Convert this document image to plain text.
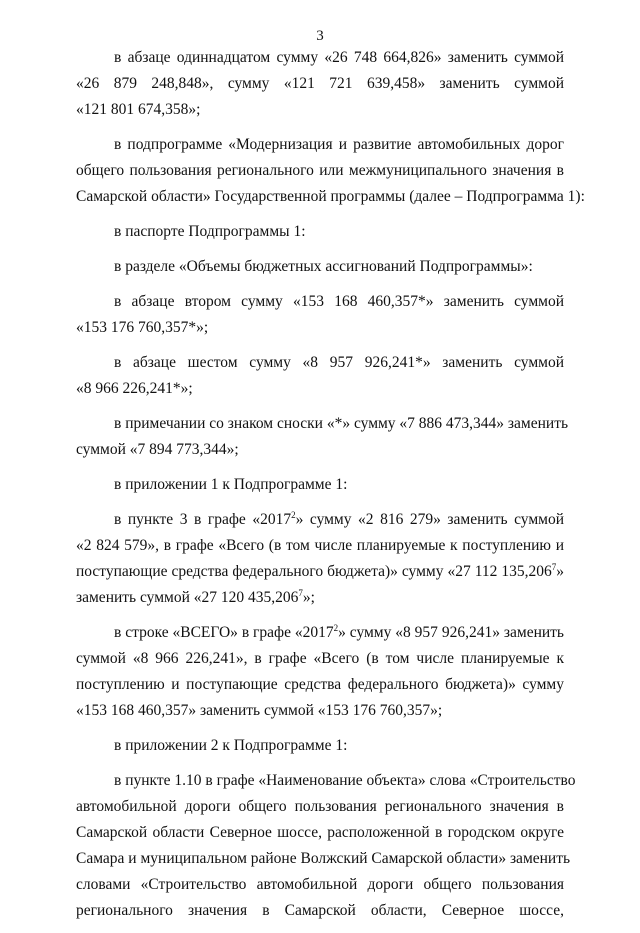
3
в абзаце одиннадцатом сумму «26 748 664,826» заменить суммой
«26 879 248,848», сумму «121 721 639,458» заменить суммой
«121 801 674,358»;
в подпрограмме «Модернизация и развитие автомобильных дорог
общего пользования регионального или межмуниципального значения в
Самарской области» Государственной программы (далее – Подпрограмма 1):
в паспорте Подпрограммы 1:
в разделе «Объемы бюджетных ассигнований Подпрограммы»:
в абзаце втором сумму «153 168 460,357*» заменить суммой
«153 176 760,357*»;
в абзаце шестом сумму «8 957 926,241*» заменить суммой
«8 966 226,241*»;
в примечании со знаком сноски «*» сумму «7 886 473,344» заменить
суммой «7 894 773,344»;
в приложении 1 к Подпрограмме 1:
в пункте 3 в графе «2017$^2$» сумму «2 816 279» заменить суммой
«2 824 579», в графе «Всего (в том числе планируемые к поступлению и
поступающие средства федерального бюджета)» сумму «27 112 135,206$^7$»
заменить суммой «27 120 435,206$^7$»;
в строке «ВСЕГО» в графе «2017$^2$» сумму «8 957 926,241» заменить
суммой «8 966 226,241», в графе «Всего (в том числе планируемые к
поступлению и поступающие средства федерального бюджета)» сумму
«153 168 460,357» заменить суммой «153 176 760,357»;
в приложении 2 к Подпрограмме 1:
в пункте 1.10 в графе «Наименование объекта» слова «Строительство
автомобильной дороги общего пользования регионального значения в
Самарской области Северное шоссе, расположенной в городском округе
Самара и муниципальном районе Волжский Самарской области» заменить
словами «Строительство автомобильной дороги общего пользования
регионального значения в Самарской области, Северное шоссе,
